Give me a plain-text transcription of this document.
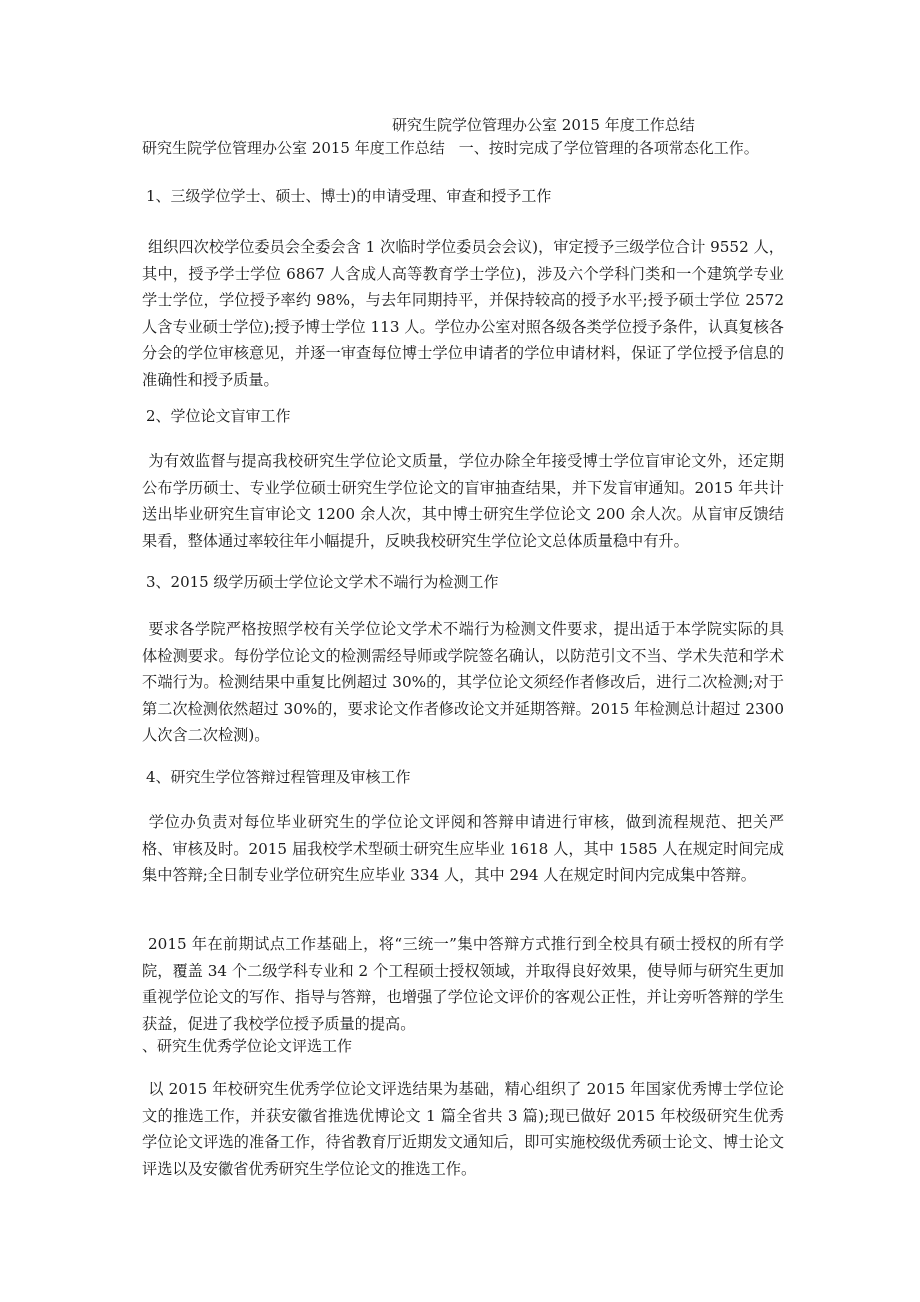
研究生院学位管理办公室 2015 年度工作总结
研究生院学位管理办公室 2015 年度工作总结 一、按时完成了学位管理的各项常态化工作。
1、三级学位学士、硕士、博士)的申请受理、审查和授予工作

组织四次校学位委员会全委会含 1 次临时学位委员会会议)，审定授予三级学位合计 9552 人，其中，授予学士学位 6867 人含成人高等教育学士学位)，涉及六个学科门类和一个建筑学专业学士学位，学位授予率约 98%，与去年同期持平，并保持较高的授予水平;授予硕士学位 2572 人含专业硕士学位);授予博士学位 113 人。学位办公室对照各级各类学位授予条件，认真复核各分会的学位审核意见，并逐一审查每位博士学位申请者的学位申请材料，保证了学位授予信息的准确性和授予质量。

2、学位论文盲审工作

为有效监督与提高我校研究生学位论文质量，学位办除全年接受博士学位盲审论文外，还定期公布学历硕士、专业学位硕士研究生学位论文的盲审抽查结果，并下发盲审通知。2015 年共计送出毕业研究生盲审论文 1200 余人次，其中博士研究生学位论文 200 余人次。从盲审反馈结果看，整体通过率较往年小幅提升，反映我校研究生学位论文总体质量稳中有升。

3、2015 级学历硕士学位论文学术不端行为检测工作

要求各学院严格按照学校有关学位论文学术不端行为检测文件要求，提出适于本学院实际的具体检测要求。每份学位论文的检测需经导师或学院签名确认，以防范引文不当、学术失范和学术不端行为。检测结果中重复比例超过 30%的，其学位论文须经作者修改后，进行二次检测;对于第二次检测依然超过 30%的，要求论文作者修改论文并延期答辩。2015 年检测总计超过 2300 人次含二次检测)。

4、研究生学位答辩过程管理及审核工作

学位办负责对每位毕业研究生的学位论文评阅和答辩申请进行审核，做到流程规范、把关严格、审核及时。2015 届我校学术型硕士研究生应毕业 1618 人，其中 1585 人在规定时间完成集中答辩;全日制专业学位研究生应毕业 334 人，其中 294 人在规定时间内完成集中答辩。

2015 年在前期试点工作基础上，将“三统一”集中答辩方式推行到全校具有硕士授权的所有学院，覆盖 34 个二级学科专业和 2 个工程硕士授权领域，并取得良好效果，使导师与研究生更加重视学位论文的写作、指导与答辩，也增强了学位论文评价的客观公正性，并让旁听答辩的学生获益，促进了我校学位授予质量的提高。

、研究生优秀学位论文评选工作

以 2015 年校研究生优秀学位论文评选结果为基础，精心组织了 2015 年国家优秀博士学位论文的推选工作，并获安徽省推选优博论文 1 篇全省共 3 篇);现已做好 2015 年校级研究生优秀学位论文评选的准备工作，待省教育厅近期发文通知后，即可实施校级优秀硕士论文、博士论文评选以及安徽省优秀研究生学位论文的推选工作。
